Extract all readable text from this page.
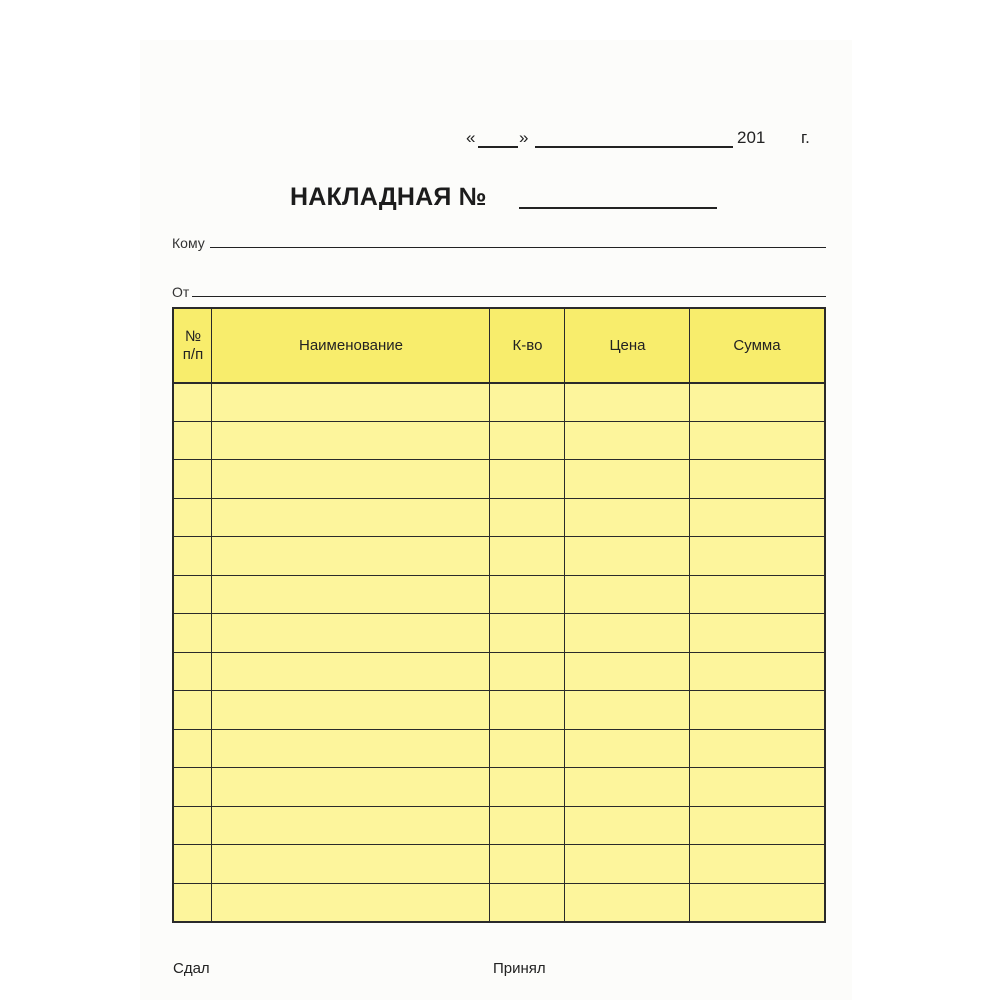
«	»	201 г.
НАКЛАДНАЯ №
Кому
От
№
п/п
Наименование	К-во	Цена	Сумма
Сдал	Принял
